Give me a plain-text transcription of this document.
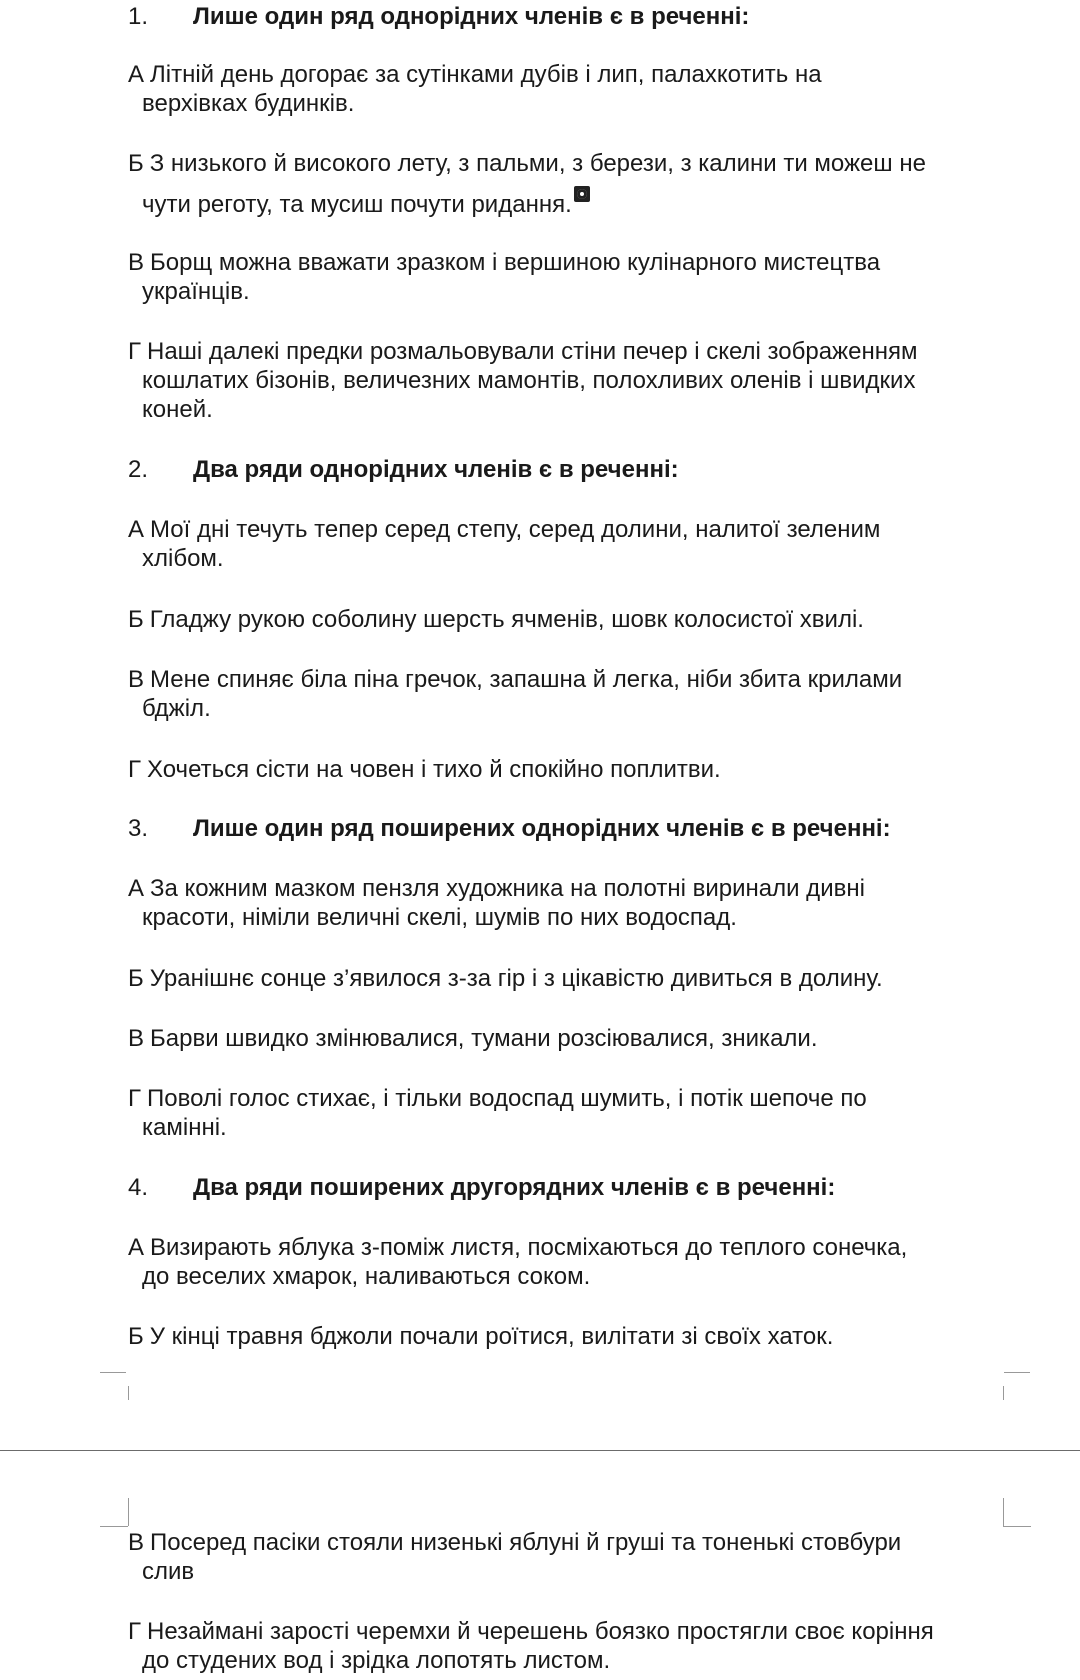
1. Лише один ряд однорідних членів є в реченні:
А Літній день догорає за сутінками дубів і лип, палахкотить на
верхівках будинків.
Б З низького й високого лету, з пальми, з берези, з калини ти можеш не
чути реготу, та мусиш почути ридання.
В Борщ можна вважати зразком і вершиною кулінарного мистецтва
українців.
Г Наші далекі предки розмальовували стіни печер і скелі зображенням
кошлатих бізонів, величезних мамонтів, полохливих оленів і швидких
коней.
2. Два ряди однорідних членів є в реченні:
А Мої дні течуть тепер серед степу, серед долини, налитої зеленим
хлібом.
Б Гладжу рукою соболину шерсть ячменів, шовк колосистої хвилі.
В Мене спиняє біла піна гречок, запашна й легка, ніби збита крилами
бджіл.
Г Хочеться сісти на човен і тихо й спокійно поплитви.
3. Лише один ряд поширених однорідних членів є в реченні:
А За кожним мазком пензля художника на полотні виринали дивні
красоти, німіли величні скелі, шумів по них водоспад.
Б Уранішнє сонце з’явилося з-за гір і з цікавістю дивиться в долину.
В Барви швидко змінювалися, тумани розсіювалися, зникали.
Г Поволі голос стихає, і тільки водоспад шумить, і потік шепоче по
камінні.
4. Два ряди поширених другорядних членів є в реченні:
А Визирають яблука з-поміж листя, посміхаються до теплого сонечка,
до веселих хмарок, наливаються соком.
Б У кінці травня бджоли почали роїтися, вилітати зі своїх хаток.
В Посеред пасіки стояли низенькі яблуні й груші та тоненькі стовбури
слив
Г Незаймані зарості черемхи й черешень боязко простягли своє коріння
до студених вод і зрідка лопотять листом.
